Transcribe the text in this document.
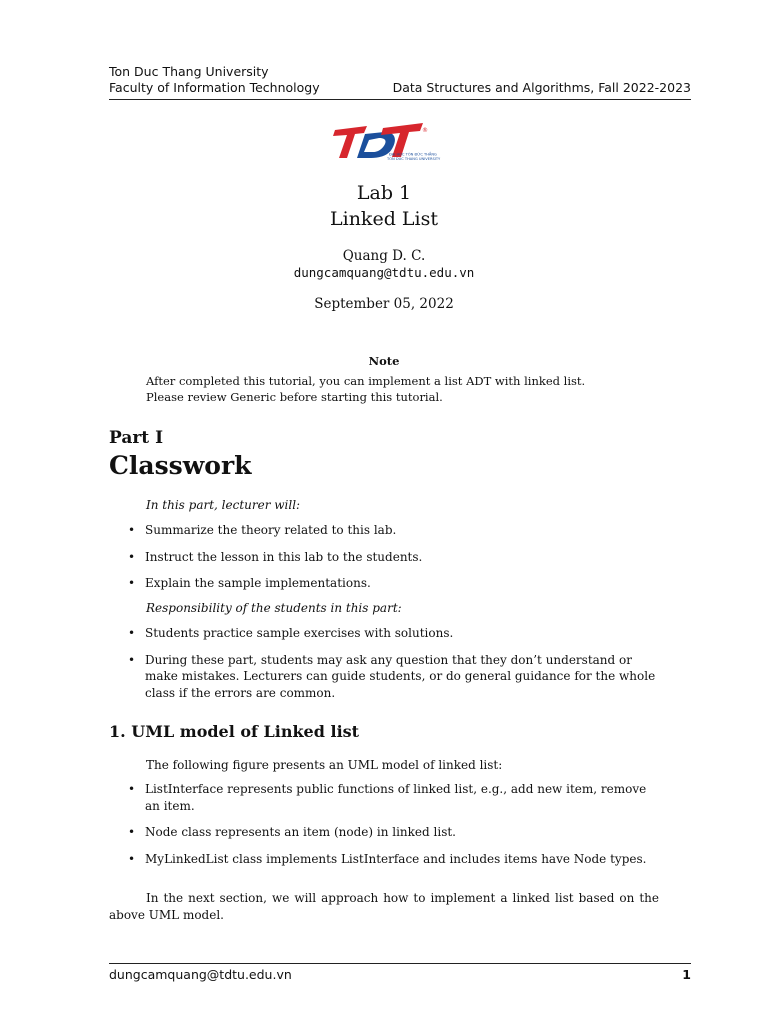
Ton Duc Thang University
Faculty of Information Technology	Data Structures and Algorithms, Fall 2022-2023
®
ĐẠI HỌC TÔN ĐỨC THẮNG
TON DUC THANG UNIVERSITY
Lab 1
Linked List
Quang D. C.
dungcamquang@tdtu.edu.vn
September 05, 2022
Note
After completed this tutorial, you can implement a list ADT with linked list. Please review Generic before starting this tutorial.
Part I
Classwork
In this part, lecturer will:
• Summarize the theory related to this lab.
• Instruct the lesson in this lab to the students.
• Explain the sample implementations.
Responsibility of the students in this part:
• Students practice sample exercises with solutions.
• During these part, students may ask any question that they don’t understand or make mistakes. Lecturers can guide students, or do general guidance for the whole class if the errors are common.
1. UML model of Linked list
The following figure presents an UML model of linked list:
• ListInterface represents public functions of linked list, e.g., add new item, remove an item.
• Node class represents an item (node) in linked list.
• MyLinkedList class implements ListInterface and includes items have Node types.
In the next section, we will approach how to implement a linked list based on the above UML model.
dungcamquang@tdtu.edu.vn	1
